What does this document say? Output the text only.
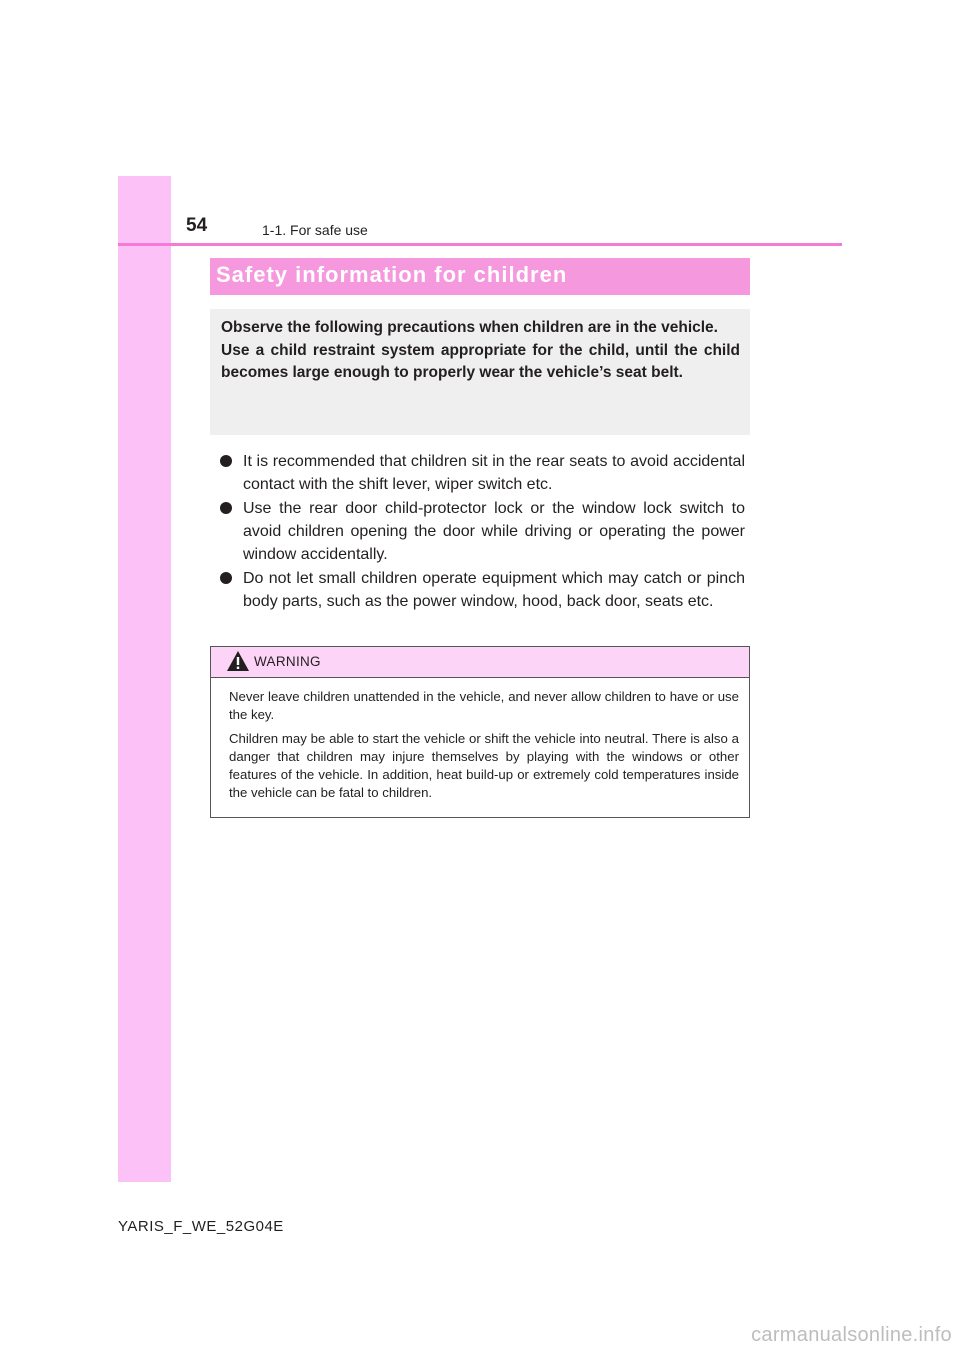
54	1-1. For safe use
Safety information for children

Observe the following precautions when children are in the vehicle.

Use a child restraint system appropriate for the child, until the child becomes large enough to properly wear the vehicle’s seat belt.

It is recommended that children sit in the rear seats to avoid accidental contact with the shift lever, wiper switch etc.
Use the rear door child-protector lock or the window lock switch to avoid children opening the door while driving or operating the power window accidentally.
Do not let small children operate equipment which may catch or pinch body parts, such as the power window, hood, back door, seats etc.
WARNING

Never leave children unattended in the vehicle, and never allow children to have or use the key.

Children may be able to start the vehicle or shift the vehicle into neutral. There is also a danger that children may injure themselves by playing with the windows or other features of the vehicle. In addition, heat build-up or extremely cold temperatures inside the vehicle can be fatal to children.

YARIS_F_WE_52G04E
carmanualsonline.info
